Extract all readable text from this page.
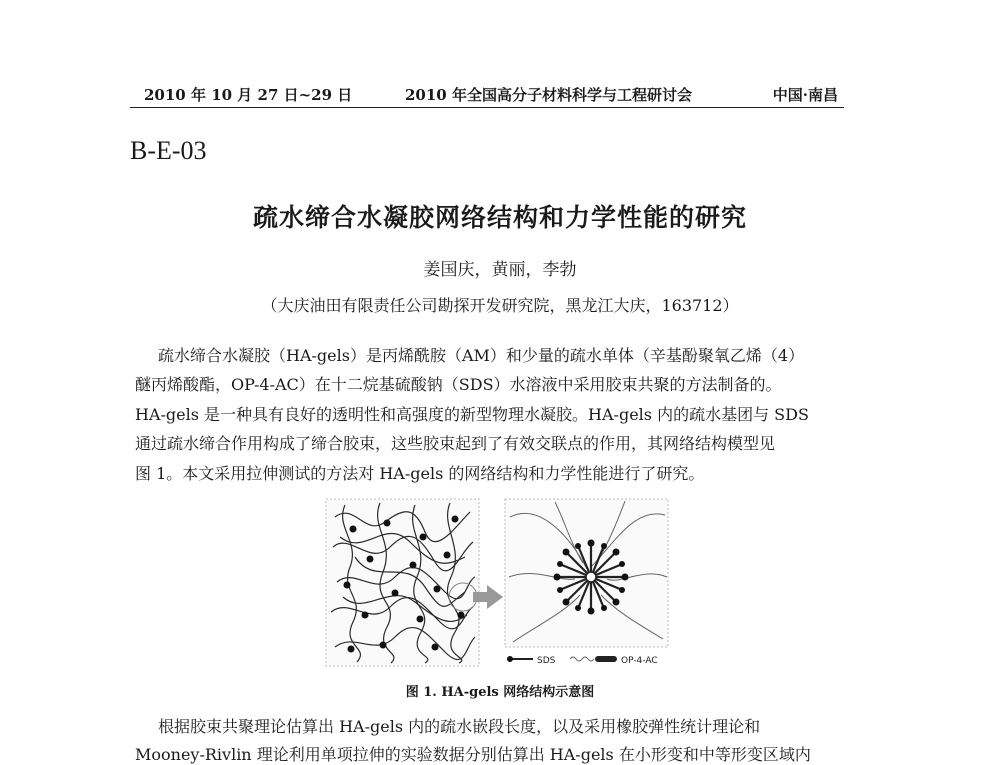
2010 年 10 月 27 日~29 日	2010 年全国高分子材料科学与工程研讨会	中国·南昌
B-E-03
疏水缔合水凝胶网络结构和力学性能的研究
姜国庆，黄丽，李勃
（大庆油田有限责任公司勘探开发研究院，黑龙江大庆，163712）
疏水缔合水凝胶（HA-gels）是丙烯酰胺（AM）和少量的疏水单体（辛基酚聚氧乙烯（4）
醚丙烯酸酯，OP-4-AC）在十二烷基硫酸钠（SDS）水溶液中采用胶束共聚的方法制备的。
HA-gels 是一种具有良好的透明性和高强度的新型物理水凝胶。HA-gels 内的疏水基团与 SDS
通过疏水缔合作用构成了缔合胶束，这些胶束起到了有效交联点的作用，其网络结构模型见
图 1。本文采用拉伸测试的方法对 HA-gels 的网络结构和力学性能进行了研究。
SDS	OP-4-AC
图 1. HA-gels 网络结构示意图
根据胶束共聚理论估算出 HA-gels 内的疏水嵌段长度，以及采用橡胶弹性统计理论和
Mooney-Rivlin 理论利用单项拉伸的实验数据分别估算出 HA-gels 在小形变和中等形变区域内
